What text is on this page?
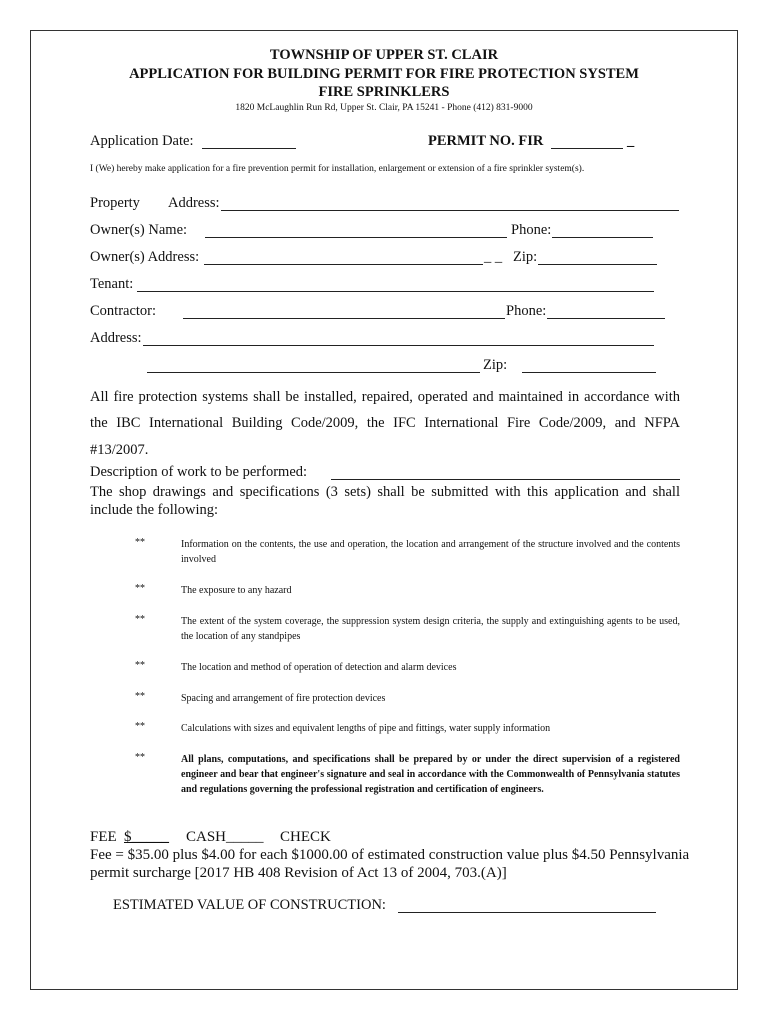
TOWNSHIP OF UPPER ST. CLAIR
APPLICATION FOR BUILDING PERMIT FOR FIRE PROTECTION SYSTEM
FIRE SPRINKLERS
1820 McLaughlin Run Rd, Upper St. Clair, PA 15241 - Phone (412) 831-9000
Application Date:	PERMIT NO. FIR	_
I (We) hereby make application for a fire prevention permit for installation, enlargement or extension of a fire sprinkler system(s).
Property Address:
Owner(s) Name:	Phone:
Owner(s) Address:	_ _ Zip:
Tenant:
Contractor:	Phone:
Address:
Zip:
All fire protection systems shall be installed, repaired, operated and maintained in accordance with
the IBC International Building Code/2009, the IFC International Fire Code/2009, and NFPA
#13/2007.
Description of work to be performed:
The shop drawings and specifications (3 sets) shall be submitted with this application and shall
include the following:
**	Information on the contents, the use and operation, the location and arrangement of the structure involved and the contents involved
**	The exposure to any hazard
**	The extent of the system coverage, the suppression system design criteria, the supply and extinguishing agents to be used, the location of any standpipes
**	The location and method of operation of detection and alarm devices
**	Spacing and arrangement of fire protection devices
**	Calculations with sizes and equivalent lengths of pipe and fittings, water supply information
**	All plans, computations, and specifications shall be prepared by or under the direct supervision of a registered engineer and bear that engineer's signature and seal in accordance with the Commonwealth of Pennsylvania statutes and regulations governing the professional registration and certification of engineers.
FEE $_____ CASH_____ CHECK
Fee = $35.00 plus $4.00 for each $1000.00 of estimated construction value plus $4.50 Pennsylvania
permit surcharge [2017 HB 408 Revision of Act 13 of 2004, 703.(A)]
ESTIMATED VALUE OF CONSTRUCTION:
